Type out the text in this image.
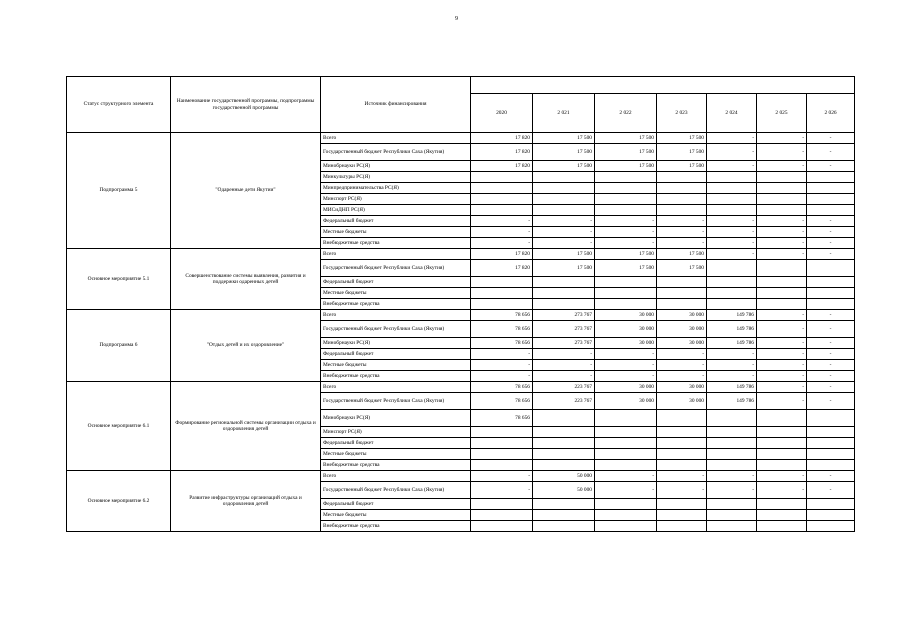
9
Статус структурного элемента	Наименование государственной программы, подпрограммы государственной программы	Источник финансирования							
			2020	2 021	2 022	2 023	2 024	2 025	2 026
Подпрограмма 5	"Одаренные дети Якутии"	Всего	17 820	17 500	17 500	17 500	-	-	-
		Государственный бюджет Республики Саха (Якутия)	17 820	17 500	17 500	17 500	-	-	-
		Минобрнауки РС(Я)	17 820	17 500	17 500	17 500	-	-	-
		Минкультуры РС(Я)							
		Минпредпринимательства РС(Я)							
		Минспорт РС(Я)							
		МИСиДНП РС(Я)							
		Федеральный бюджет	-	-	-	-	-	-	-
		Местные бюджеты	-	-	-	-	-	-	-
		Внебюджетные средства	-	-	-	-	-	-	-
Основное мероприятие 5.1	Совершенствование системы выявления, развития и поддержки одаренных детей	Всего	17 820	17 500	17 500	17 500	-	-	-
		Государственный бюджет Республики Саха (Якутия)	17 820	17 500	17 500	17 500			
		Федеральный бюджет							
		Местные бюджеты							
		Внебюджетные средства							
Подпрограмма 6	"Отдых детей и их оздоровление"	Всего	78 656	273 767	30 000	30 000	149 786	-	-
		Государственный бюджет Республики Саха (Якутия)	78 656	273 767	30 000	30 000	149 786	-	-
		Минобрнауки РС(Я)	78 656	273 767	30 000	30 000	149 786	-	-
		Федеральный бюджет	-	-	-	-	-	-	-
		Местные бюджеты	-	-	-	-	-	-	-
		Внебюджетные средства	-	-	-	-	-	-	-
Основное мероприятие 6.1	Формирование региональной системы организации отдыха и оздоровления детей	Всего	78 656	223 767	30 000	30 000	149 786	-	-
		Государственный бюджет Республики Саха (Якутия)	78 656	223 767	30 000	30 000	149 786	-	-
		Минобрнауки РС(Я)	78 656						
		Минспорт РС(Я)							
		Федеральный бюджет							
		Местные бюджеты							
		Внебюджетные средства							
Основное мероприятие 6.2	Развитие инфраструктуры организаций отдыха и оздоровления детей	Всего	-	50 000	-	-	-	-	-
		Государственный бюджет Республики Саха (Якутия)	-	50 000	-	-	-	-	-
		Федеральный бюджет							
		Местные бюджеты							
		Внебюджетные средства							
